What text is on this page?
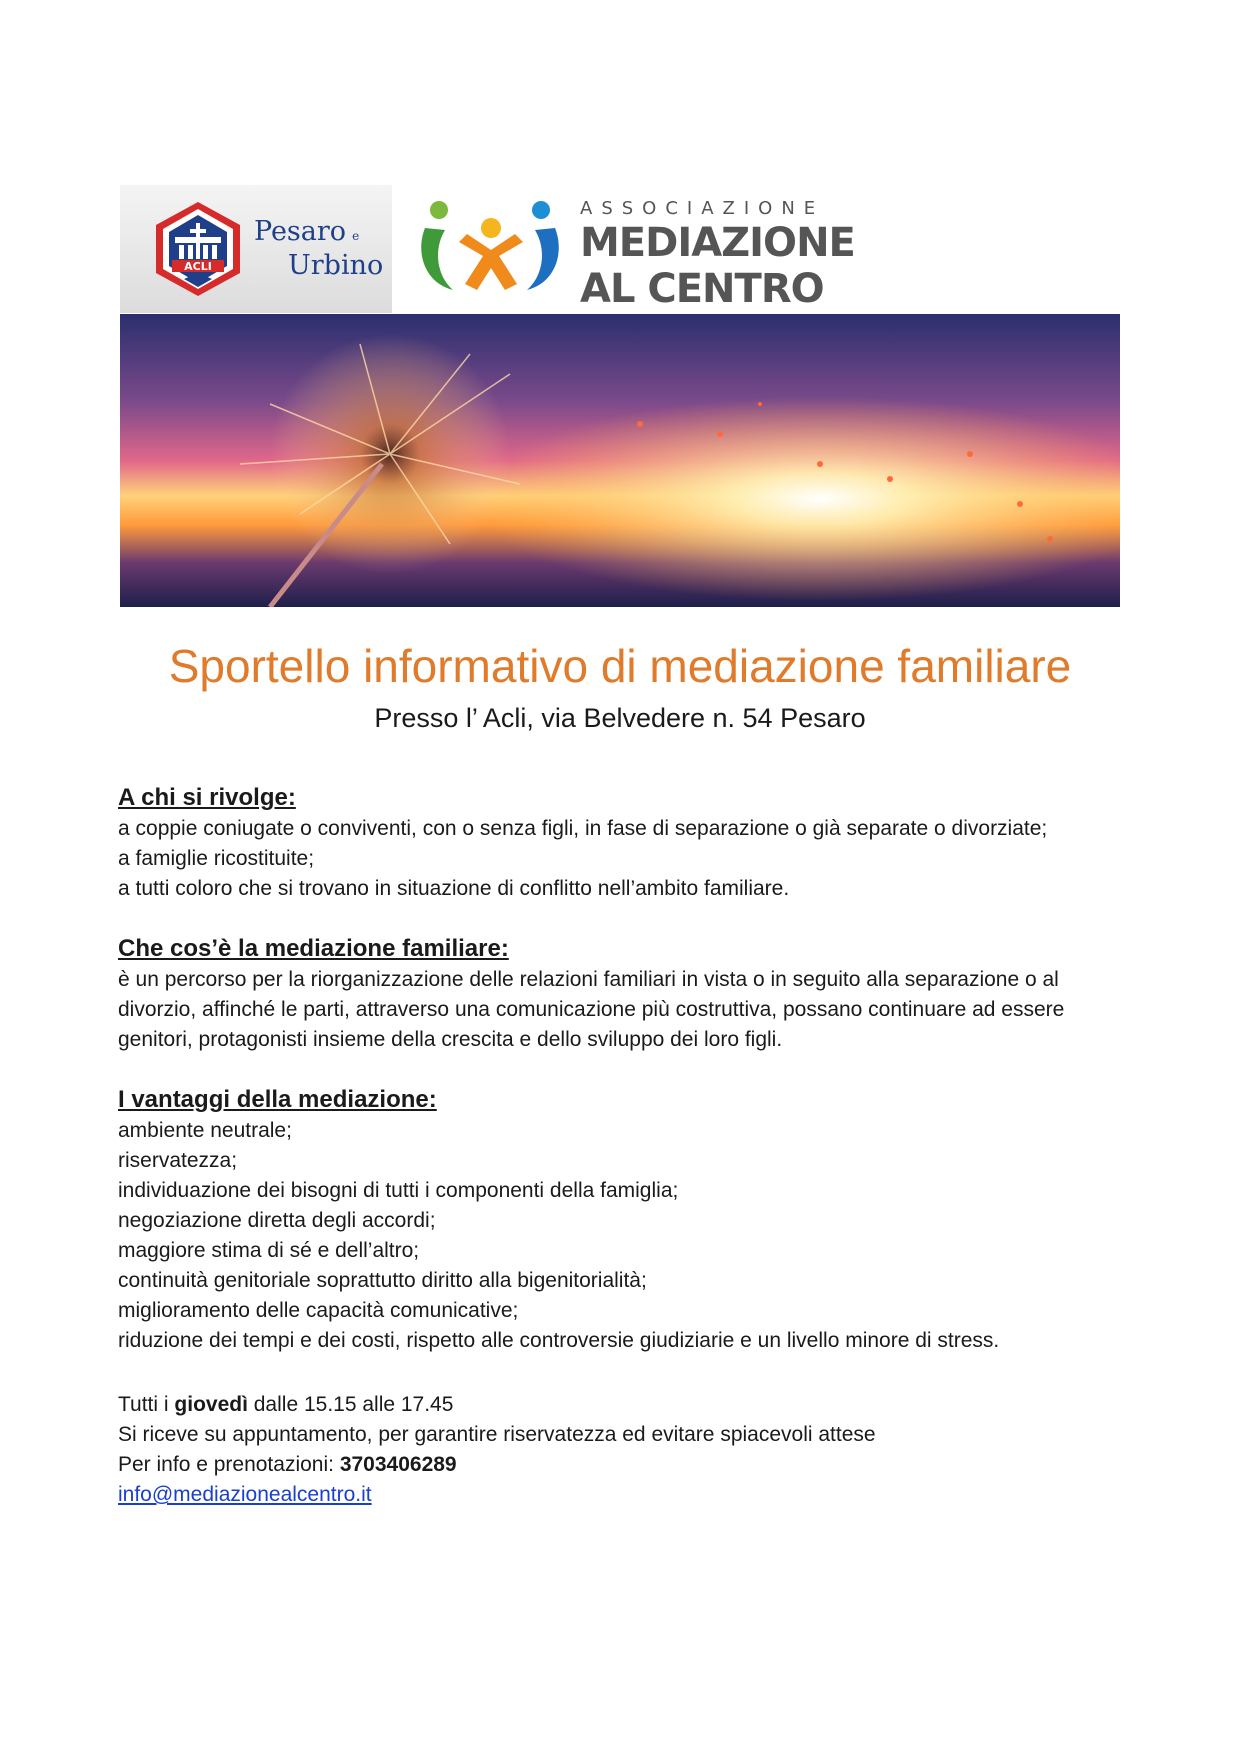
ACLI
Pesaro e
Urbino
ASSOCIAZIONE
MEDIAZIONE
AL CENTRO
Sportello informativo di mediazione familiare
Presso l’ Acli, via Belvedere n. 54 Pesaro

A chi si rivolge:

a coppie coniugate o conviventi, con o senza figli, in fase di separazione o già separate o divorziate;

a famiglie ricostituite;

a tutti coloro che si trovano in situazione di conflitto nell’ambito familiare.

Che cos’è la mediazione familiare:

è un percorso per la riorganizzazione delle relazioni familiari in vista o in seguito alla separazione o al divorzio, affinché le parti, attraverso una comunicazione più costruttiva, possano continuare ad essere genitori, protagonisti insieme della crescita e dello sviluppo dei loro figli.

I vantaggi della mediazione:

ambiente neutrale;

riservatezza;

individuazione dei bisogni di tutti i componenti della famiglia;

negoziazione diretta degli accordi;

maggiore stima di sé e dell’altro;

continuità genitoriale soprattutto diritto alla bigenitorialità;

miglioramento delle capacità comunicative;

riduzione dei tempi e dei costi, rispetto alle controversie giudiziarie e un livello minore di stress.

Tutti i giovedì dalle 15.15 alle 17.45

Si riceve su appuntamento, per garantire riservatezza ed evitare spiacevoli attese

Per info e prenotazioni: 3703406289

info@mediazionealcentro.it
